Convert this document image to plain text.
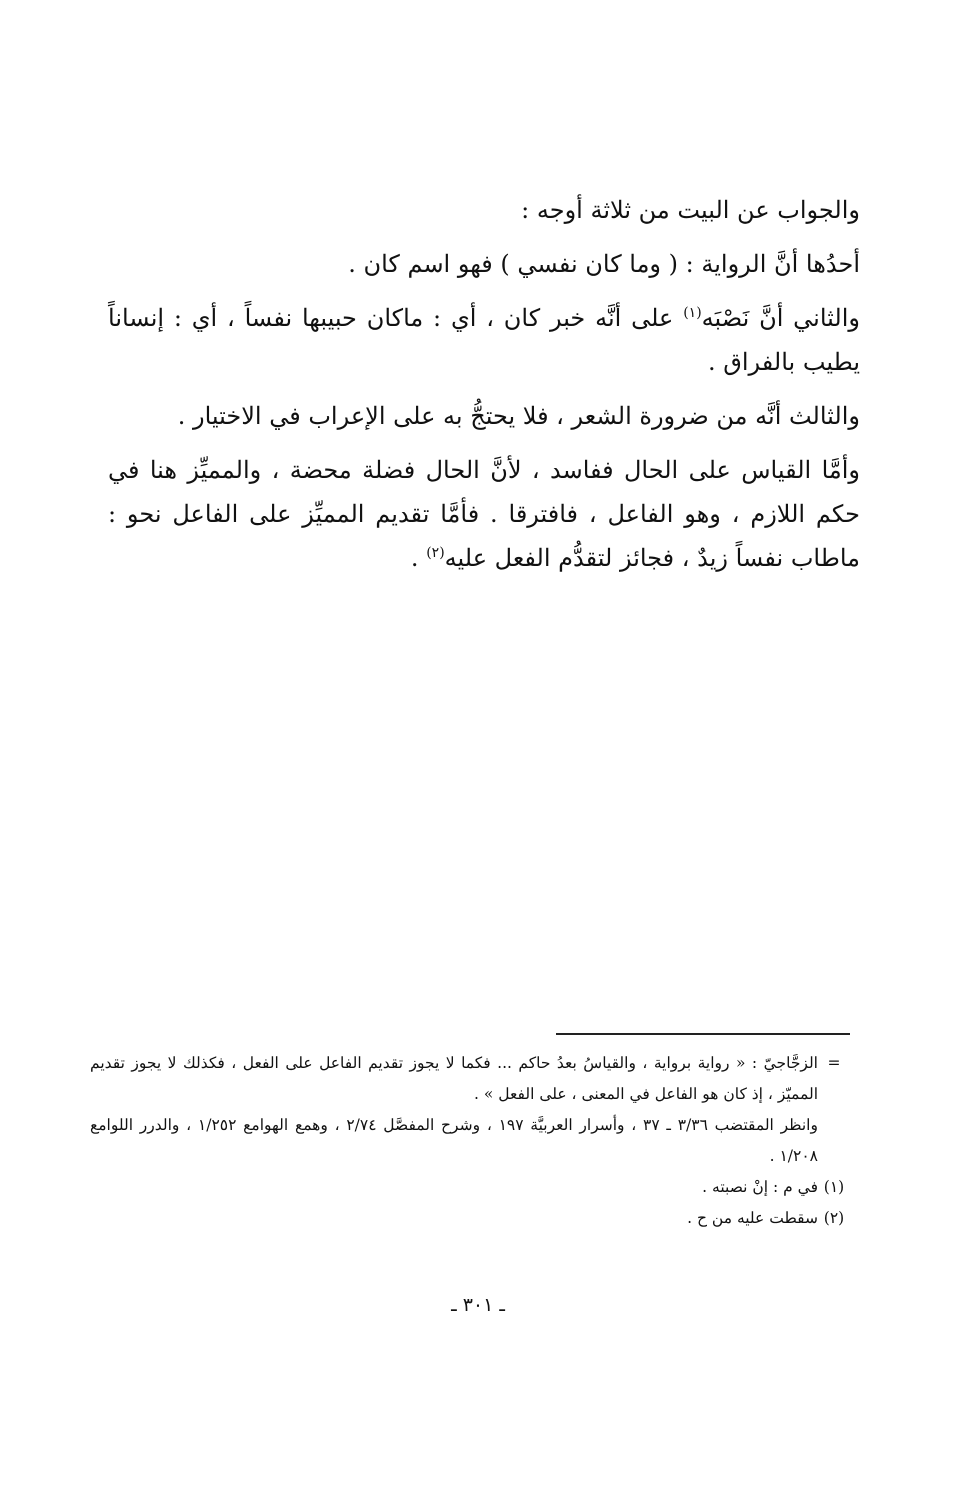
والجواب عن البيت من ثلاثة أوجه :

أحدُها أنَّ الرواية : ( وما كان نفسي ) فهو اسم كان .

والثاني أنَّ نَصْبَه$^{(١)}$ على أنَّه خبر كان ، أي : ماكان حبيبها نفساً ، أي : إنساناً يطيب بالفراق .

والثالث أنَّه من ضرورة الشعر ، فلا يحتجُّ به على الإعراب في الاختيار .

وأمَّا القياس على الحال ففاسد ، لأنَّ الحال فضلة محضة ، والمميِّز هنا في حكم اللازم ، وهو الفاعل ، فافترقا . فأمَّا تقديم المميِّز على الفاعل نحو : ماطاب نفساً زيدٌ ، فجائز لتقدُّم الفعل عليه$^{(٢)}$ .

=

الزجَّاجيّ : « رواية برواية ، والقياسُ بعدُ حاكم ... فكما لا يجوز تقديم الفاعل على الفعل ، فكذلك لا يجوز تقديم المميّز ، إذ كان هو الفاعل في المعنى ، على الفعل » .

وانظر المقتضب ٣/٣٦ ـ ٣٧ ، وأسرار العربيَّة ١٩٧ ، وشرح المفصَّل ٢/٧٤ ، وهمع الهوامع ١/٢٥٢ ، والدرر اللوامع ١/٢٠٨ .

(١)

في م : إنْ نصبته .

(٢)

سقطت عليه من ح .

ـ ٣٠١ ـ
